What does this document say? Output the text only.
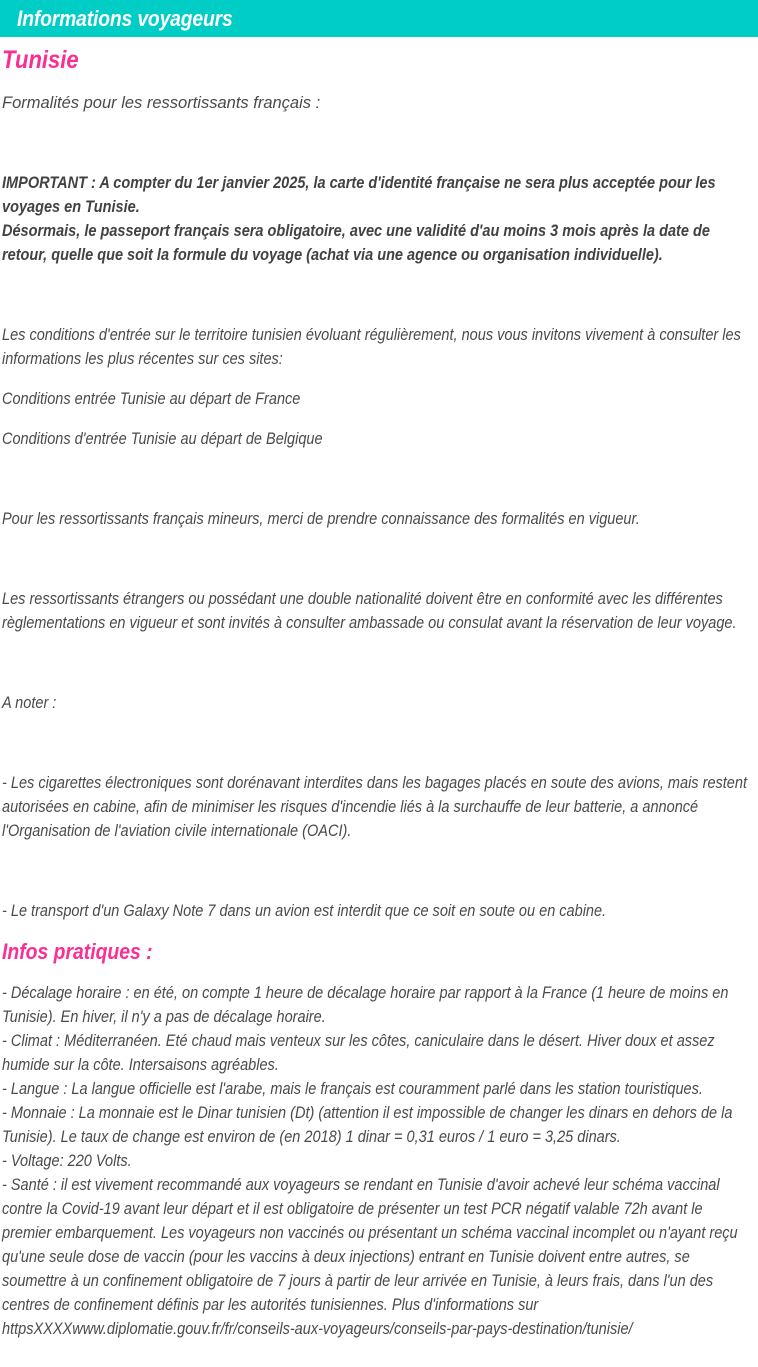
Informations voyageurs
Tunisie

Formalités pour les ressortissants français :

IMPORTANT : A compter du 1er janvier 2025, la carte d'identité française ne sera plus acceptée pour les voyages en Tunisie.
Désormais, le passeport français sera obligatoire, avec une validité d'au moins 3 mois après la date de retour, quelle que soit la formule du voyage (achat via une agence ou organisation individuelle).

Les conditions d'entrée sur le territoire tunisien évoluant régulièrement, nous vous invitons vivement à consulter les informations les plus récentes sur ces sites:

Conditions entrée Tunisie au départ de France

Conditions d'entrée Tunisie au départ de Belgique

Pour les ressortissants français mineurs, merci de prendre connaissance des formalités en vigueur.

Les ressortissants étrangers ou possédant une double nationalité doivent être en conformité avec les différentes règlementations en vigueur et sont invités à consulter ambassade ou consulat avant la réservation de leur voyage.

A noter :

- Les cigarettes électroniques sont dorénavant interdites dans les bagages placés en soute des avions, mais restent autorisées en cabine, afin de minimiser les risques d'incendie liés à la surchauffe de leur batterie, a annoncé l'Organisation de l'aviation civile internationale (OACI).

- Le transport d'un Galaxy Note 7 dans un avion est interdit que ce soit en soute ou en cabine.

Infos pratiques :

- Décalage horaire : en été, on compte 1 heure de décalage horaire par rapport à la France (1 heure de moins en Tunisie). En hiver, il n'y a pas de décalage horaire.
- Climat : Méditerranéen. Eté chaud mais venteux sur les côtes, caniculaire dans le désert. Hiver doux et assez humide sur la côte. Intersaisons agréables.
- Langue : La langue officielle est l'arabe, mais le français est couramment parlé dans les station touristiques.
- Monnaie : La monnaie est le Dinar tunisien (Dt) (attention il est impossible de changer les dinars en dehors de la Tunisie). Le taux de change est environ de (en 2018) 1 dinar = 0,31 euros / 1 euro = 3,25 dinars.
- Voltage: 220 Volts.
- Santé : il est vivement recommandé aux voyageurs se rendant en Tunisie d'avoir achevé leur schéma vaccinal contre la Covid-19 avant leur départ et il est obligatoire de présenter un test PCR négatif valable 72h avant le premier embarquement. Les voyageurs non vaccinés ou présentant un schéma vaccinal incomplet ou n'ayant reçu qu'une seule dose de vaccin (pour les vaccins à deux injections) entrant en Tunisie doivent entre autres, se soumettre à un confinement obligatoire de 7 jours à partir de leur arrivée en Tunisie, à leurs frais, dans l'un des centres de confinement définis par les autorités tunisiennes. Plus d'informations sur httpsXXXXwww.diplomatie.gouv.fr/fr/conseils-aux-voyageurs/conseils-par-pays-destination/tunisie/
